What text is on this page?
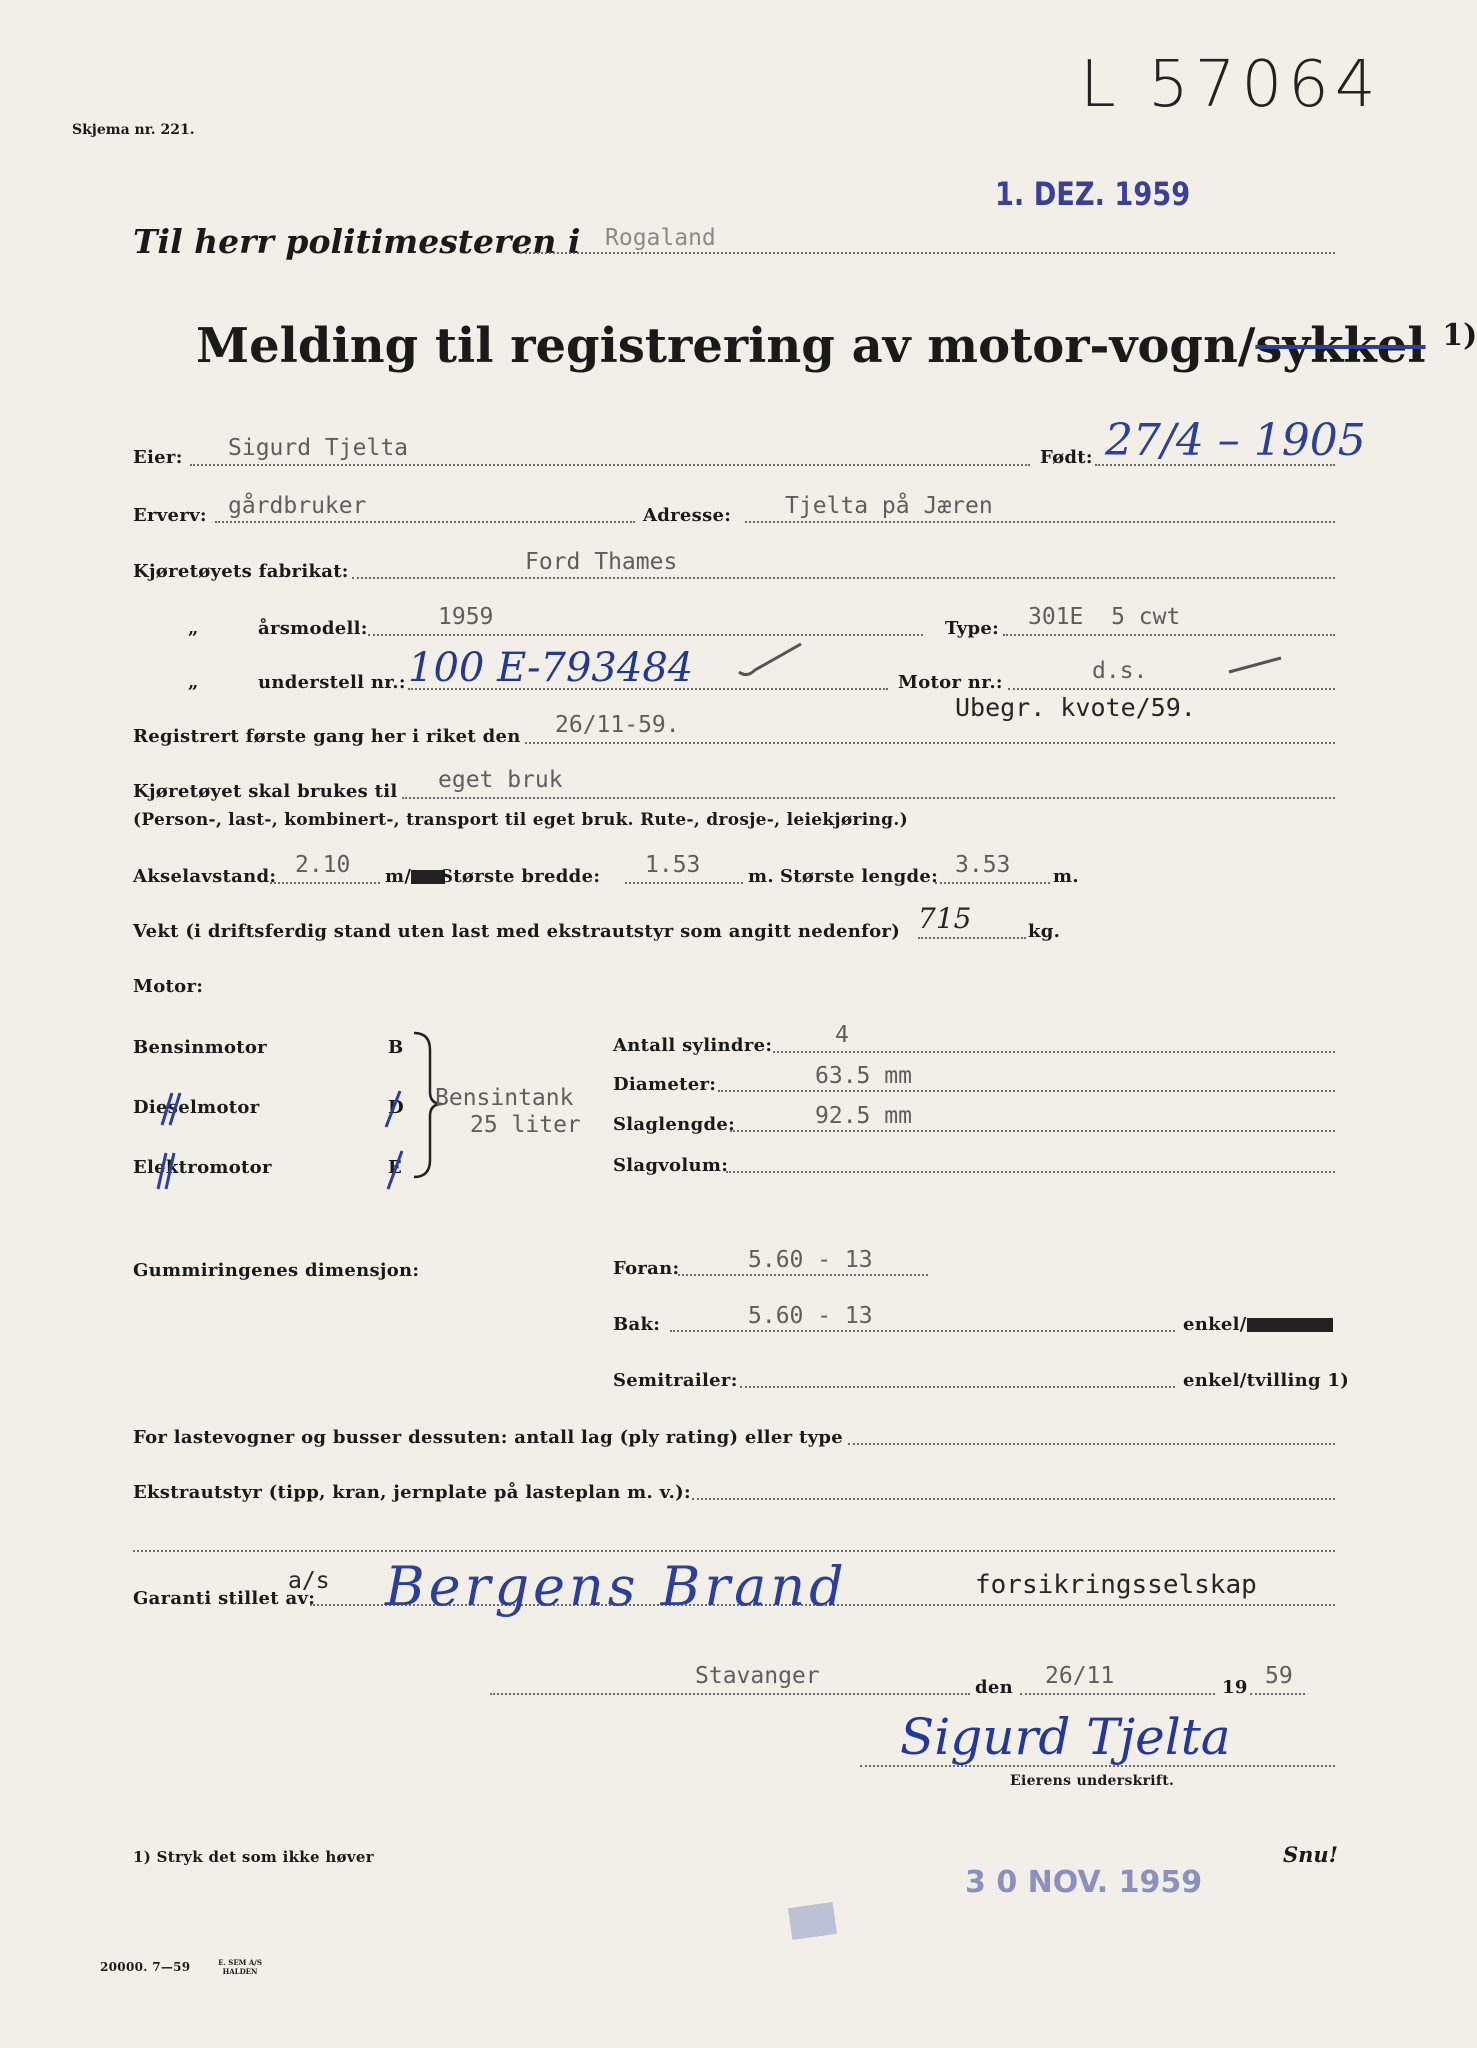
L 57064
Skjema nr. 221.
1. DEZ. 1959
Til herr politimesteren i Rogaland
Melding til registrering av motor-vogn/sykkel $^{1)}$
Eier: Sigurd Tjelta	Født: 27/4 – 1905
Erverv: gårdbruker	Adresse: Tjelta på Jæren
Kjøretøyets fabrikat:	Ford Thames
„	årsmodell:	1959	Type: 301E  5 cwt
„	understell nr.: 100 E-793484	Motor nr.:	d.s.
Ubegr. kvote/59.
Registrert første gang her i riket den 26/11-59.
Kjøretøyet skal brukes til eget bruk
(Person-, last-, kombinert-, transport til eget bruk. Rute-, drosje-, leiekjøring.)
Akselavstand: 2.10 m/	Største bredde: 1.53	m. Største lengde: 3.53 m.
Vekt (i driftsferdig stand uten last med ekstrautstyr som angitt nedenfor) 715	kg.
Motor:
Bensinmotor	B
Dieselmotor	D
Elektromotor	E
Bensintank
25 liter
Antall sylindre:	4
Diameter:	63.5 mm
Slaglengde:	92.5 mm
Slagvolum:
Gummiringenes dimensjon:	Foran:	5.60 - 13
Bak:	5.60 - 13	enkel/
Semitrailer:	enkel/tvilling 1)
For lastevogner og busser dessuten: antall lag (ply rating) eller type
Ekstrautstyr (tipp, kran, jernplate på lasteplan m. v.):
Garanti stillet av:
a/s Bergens Brand	forsikringsselskap
Stavanger	den 26/11	19 59
Sigurd Tjelta
Eierens underskrift.
1) Stryk det som ikke høver	Snu!
3 0 NOV. 1959
20000. 7—59	E. SEM A/S HALDEN
